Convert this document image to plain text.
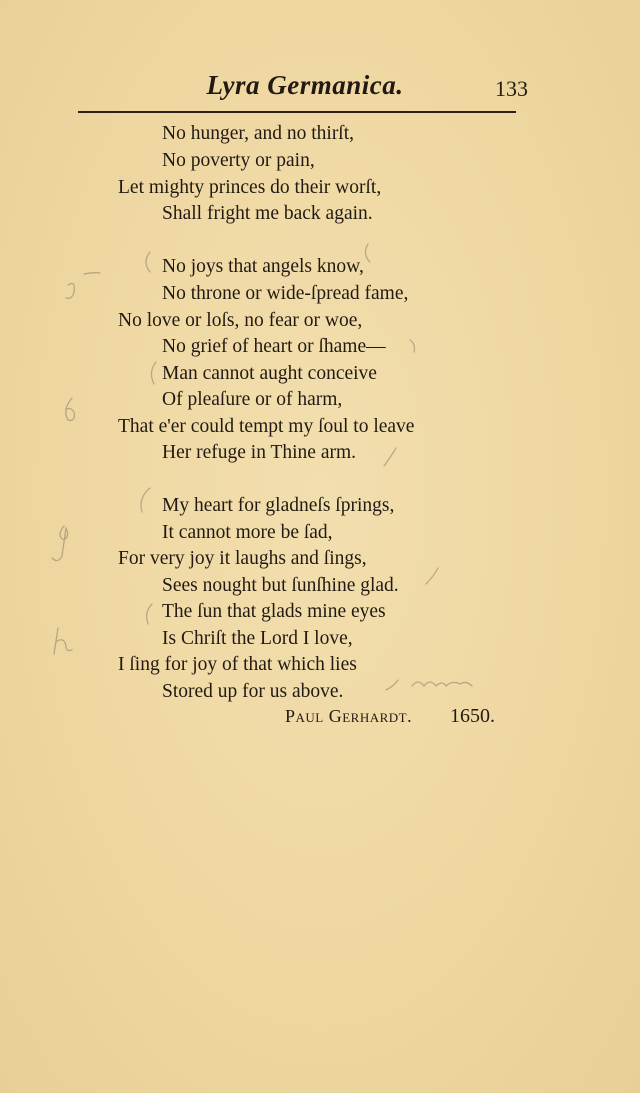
Lyra Germanica.	133
No hunger, and no thirſt,
No poverty or pain,
Let mighty princes do their worſt,
Shall fright me back again.
No joys that angels know,
No throne or wide-ſpread fame,
No love or loſs, no fear or woe,
No grief of heart or ſhame—
Man cannot aught conceive
Of pleaſure or of harm,
That e'er could tempt my ſoul to leave
Her refuge in Thine arm.
My heart for gladneſs ſprings,
It cannot more be ſad,
For very joy it laughs and ſings,
Sees nought but ſunſhine glad.
The ſun that glads mine eyes
Is Chriſt the Lord I love,
I ſing for joy of that which lies
Stored up for us above.
Paul Gerhardt. 1650.
